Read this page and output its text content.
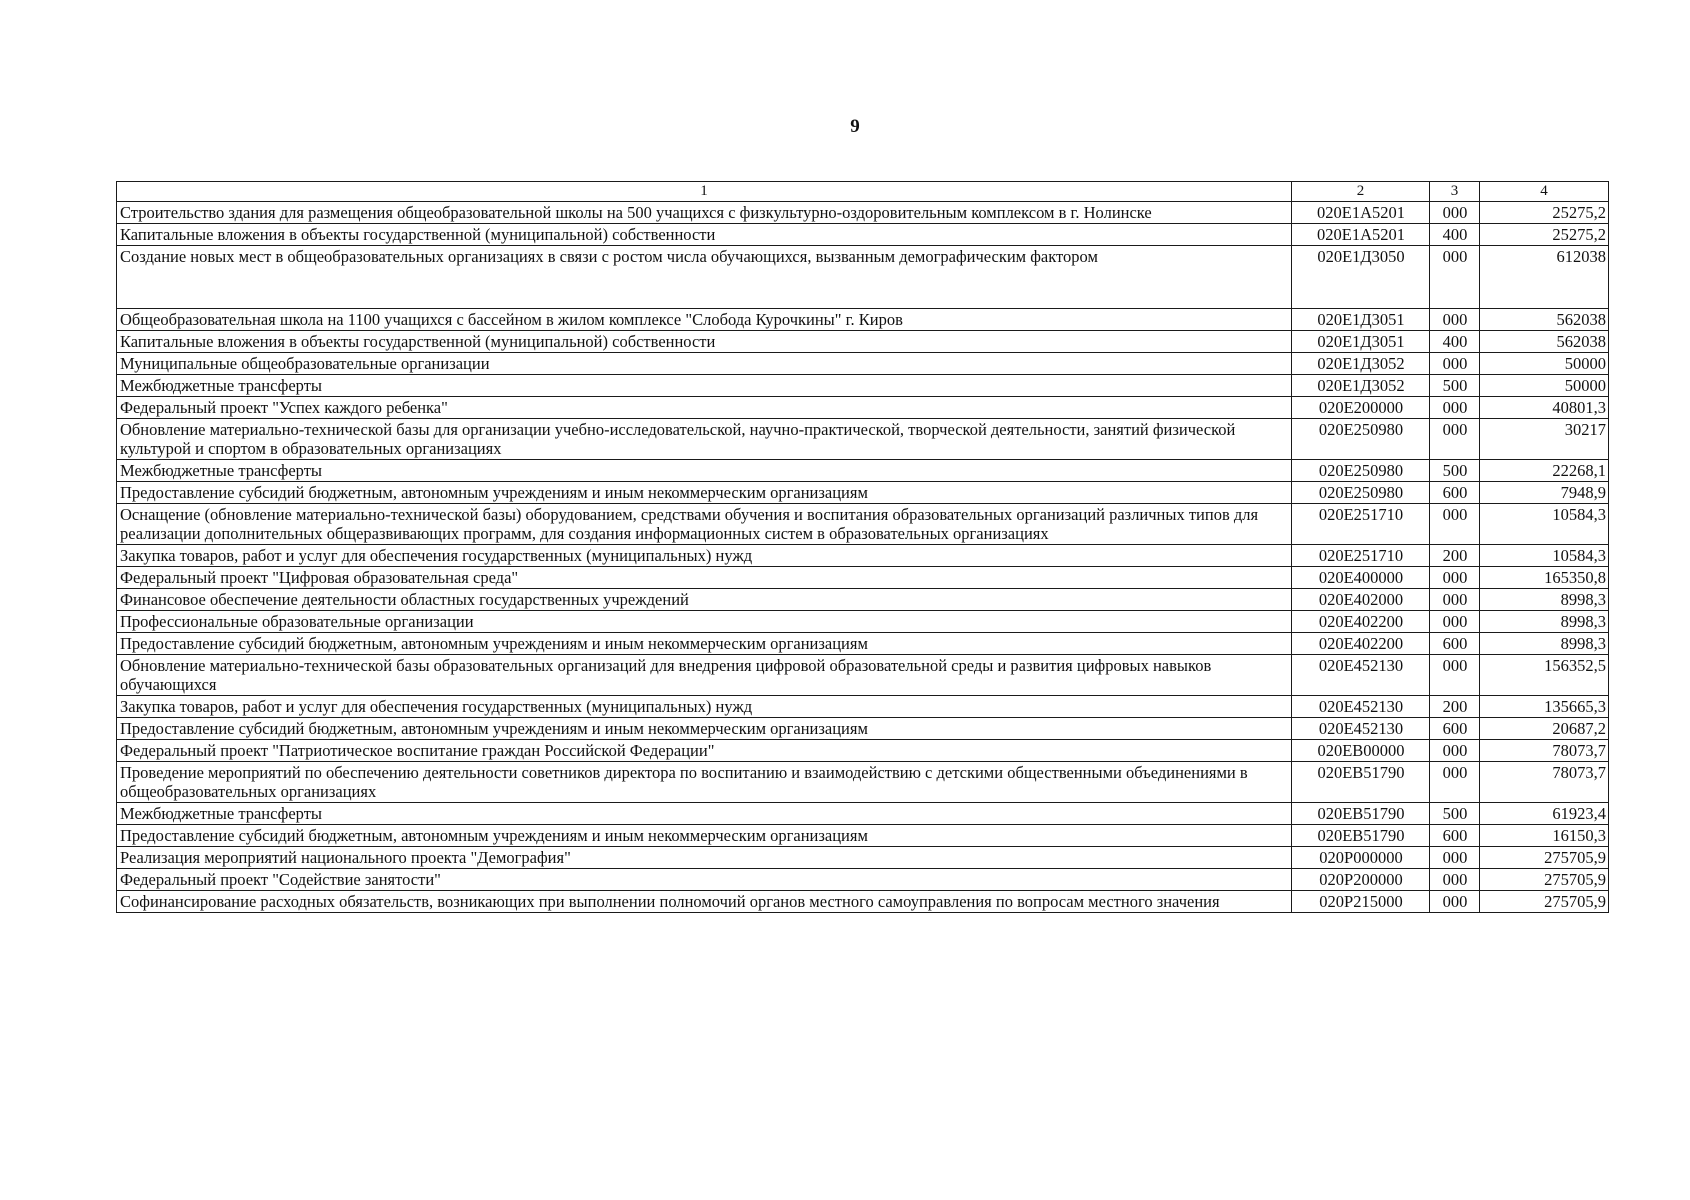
9
1	2	3	4
Строительство здания для размещения общеобразовательной школы на 500 учащихся с физкультурно-оздоровительным комплексом в г. Нолинске	020E1A5201	000	25275,2
Капитальные вложения в объекты государственной (муниципальной) собственности	020E1A5201	400	25275,2
Создание новых мест в общеобразовательных организациях в связи с ростом числа обучающихся, вызванным демографическим фактором	020E1Д3050	000	612038
Общеобразовательная школа на 1100 учащихся с бассейном в жилом комплексе "Слобода Курочкины" г. Киров	020E1Д3051	000	562038
Капитальные вложения в объекты государственной (муниципальной) собственности	020E1Д3051	400	562038
Муниципальные общеобразовательные организации	020E1Д3052	000	50000
Межбюджетные трансферты	020E1Д3052	500	50000
Федеральный проект "Успех каждого ребенка"	020E200000	000	40801,3
Обновление материально-технической базы для организации учебно-исследовательской, научно-практической, творческой деятельности, занятий физической культурой и спортом в образовательных организациях	020E250980	000	30217
Межбюджетные трансферты	020E250980	500	22268,1
Предоставление субсидий бюджетным, автономным учреждениям и иным некоммерческим организациям	020E250980	600	7948,9
Оснащение (обновление материально-технической базы) оборудованием, средствами обучения и воспитания образовательных организаций различных типов для реализации дополнительных общеразвивающих программ, для создания информационных систем в образовательных организациях	020E251710	000	10584,3
Закупка товаров, работ и услуг для обеспечения государственных (муниципальных) нужд	020E251710	200	10584,3
Федеральный проект "Цифровая образовательная среда"	020E400000	000	165350,8
Финансовое обеспечение деятельности областных государственных учреждений	020E402000	000	8998,3
Профессиональные образовательные организации	020E402200	000	8998,3
Предоставление субсидий бюджетным, автономным учреждениям и иным некоммерческим организациям	020E402200	600	8998,3
Обновление материально-технической базы образовательных организаций для внедрения цифровой образовательной среды и развития цифровых навыков обучающихся	020E452130	000	156352,5
Закупка товаров, работ и услуг для обеспечения государственных (муниципальных) нужд	020E452130	200	135665,3
Предоставление субсидий бюджетным, автономным учреждениям и иным некоммерческим организациям	020E452130	600	20687,2
Федеральный проект "Патриотическое воспитание граждан Российской Федерации"	020EB00000	000	78073,7
Проведение мероприятий по обеспечению деятельности советников директора по воспитанию и взаимодействию с детскими общественными объединениями в общеобразовательных организациях	020EB51790	000	78073,7
Межбюджетные трансферты	020EB51790	500	61923,4
Предоставление субсидий бюджетным, автономным учреждениям и иным некоммерческим организациям	020EB51790	600	16150,3
Реализация мероприятий национального проекта "Демография"	020P000000	000	275705,9
Федеральный проект "Содействие занятости"	020P200000	000	275705,9
Софинансирование расходных обязательств, возникающих при выполнении полномочий органов местного самоуправления по вопросам местного значения	020P215000	000	275705,9
